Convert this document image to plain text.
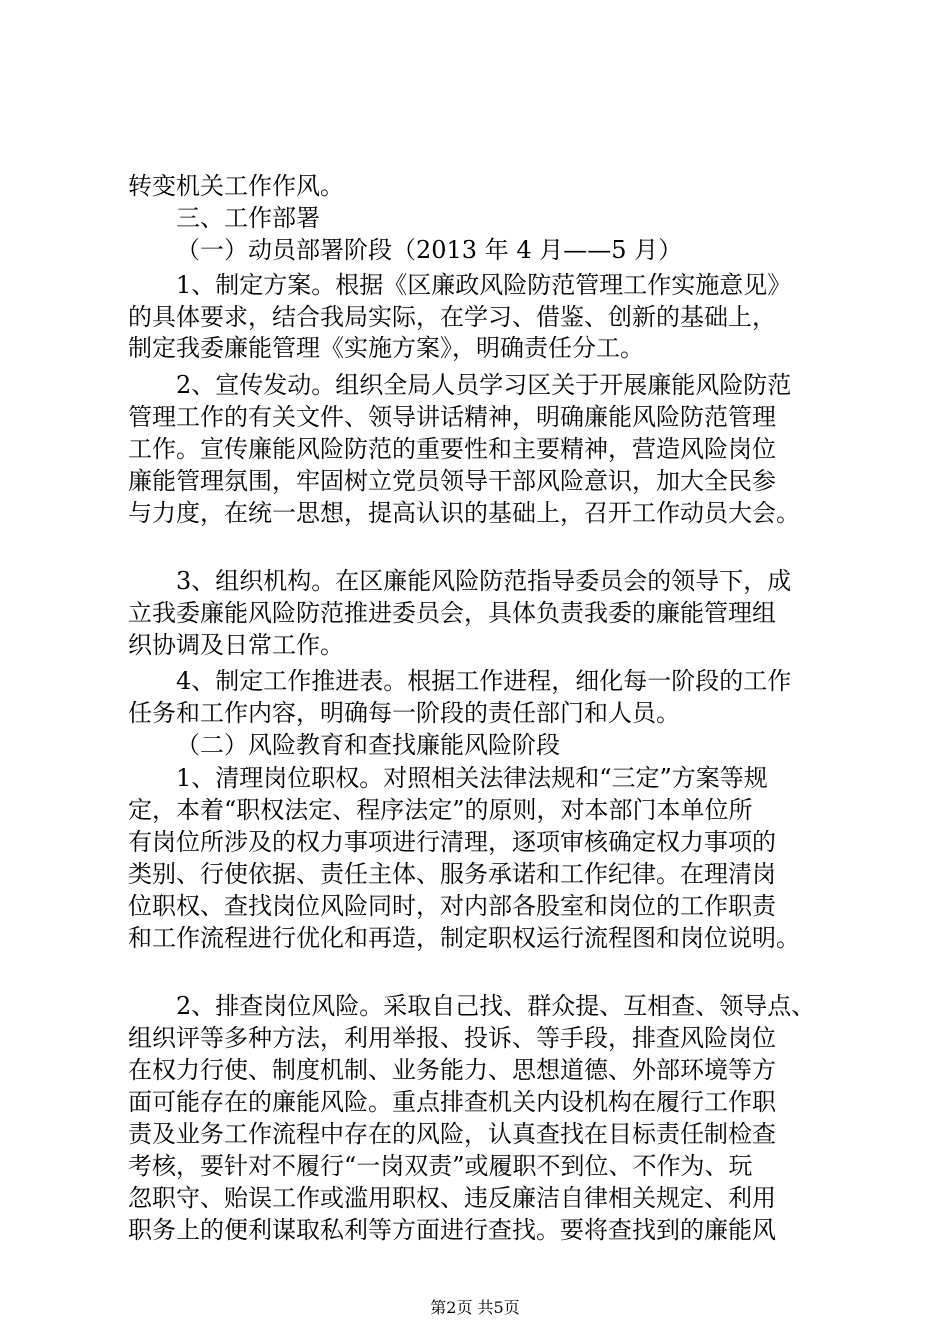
转变机关工作作风。
三、工作部署
（一）动员部署阶段（2013 年 4 月——5 月）
1、制定方案。根据《区廉政风险防范管理工作实施意见》
的具体要求，结合我局实际，在学习、借鉴、创新的基础上，
制定我委廉能管理《实施方案》，明确责任分工。
2、宣传发动。组织全局人员学习区关于开展廉能风险防范
管理工作的有关文件、领导讲话精神，明确廉能风险防范管理
工作。宣传廉能风险防范的重要性和主要精神，营造风险岗位
廉能管理氛围，牢固树立党员领导干部风险意识，加大全民参
与力度，在统一思想，提高认识的基础上，召开工作动员大会。
3、组织机构。在区廉能风险防范指导委员会的领导下，成
立我委廉能风险防范推进委员会，具体负责我委的廉能管理组
织协调及日常工作。
4、制定工作推进表。根据工作进程，细化每一阶段的工作
任务和工作内容，明确每一阶段的责任部门和人员。
（二）风险教育和查找廉能风险阶段
1、清理岗位职权。对照相关法律法规和“三定”方案等规
定，本着“职权法定、程序法定”的原则，对本部门本单位所
有岗位所涉及的权力事项进行清理，逐项审核确定权力事项的
类别、行使依据、责任主体、服务承诺和工作纪律。在理清岗
位职权、查找岗位风险同时，对内部各股室和岗位的工作职责
和工作流程进行优化和再造，制定职权运行流程图和岗位说明。
2、排查岗位风险。采取自己找、群众提、互相查、领导点、
组织评等多种方法，利用举报、投诉、等手段，排查风险岗位
在权力行使、制度机制、业务能力、思想道德、外部环境等方
面可能存在的廉能风险。重点排查机关内设机构在履行工作职
责及业务工作流程中存在的风险，认真查找在目标责任制检查
考核，要针对不履行“一岗双责”或履职不到位、不作为、玩
忽职守、贻误工作或滥用职权、违反廉洁自律相关规定、利用
职务上的便利谋取私利等方面进行查找。要将查找到的廉能风
第2页 共5页
